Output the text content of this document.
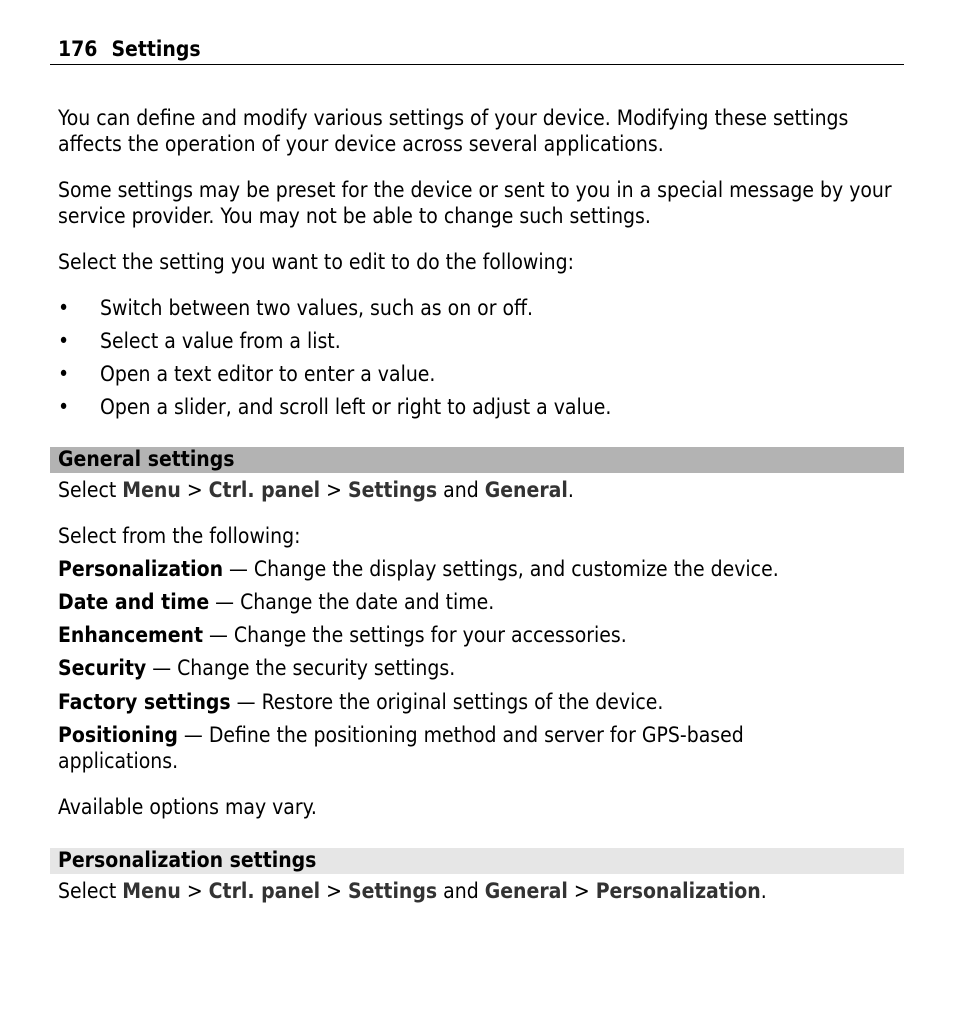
176 Settings

You can define and modify various settings of your device. Modifying these settings affects the operation of your device across several applications.

Some settings may be preset for the device or sent to you in a special message by your service provider. You may not be able to change such settings.

Select the setting you want to edit to do the following:

• Switch between two values, such as on or off.
• Select a value from a list.
• Open a text editor to enter a value.
• Open a slider, and scroll left or right to adjust a value.
General settings
Select Menu > Ctrl. panel > Settings and General.
Select from the following:
Personalization — Change the display settings, and customize the device.
Date and time — Change the date and time.
Enhancement — Change the settings for your accessories.
Security — Change the security settings.
Factory settings — Restore the original settings of the device.
Positioning — Define the positioning method and server for GPS-based applications.
Available options may vary.
Personalization settings
Select Menu > Ctrl. panel > Settings and General > Personalization.
